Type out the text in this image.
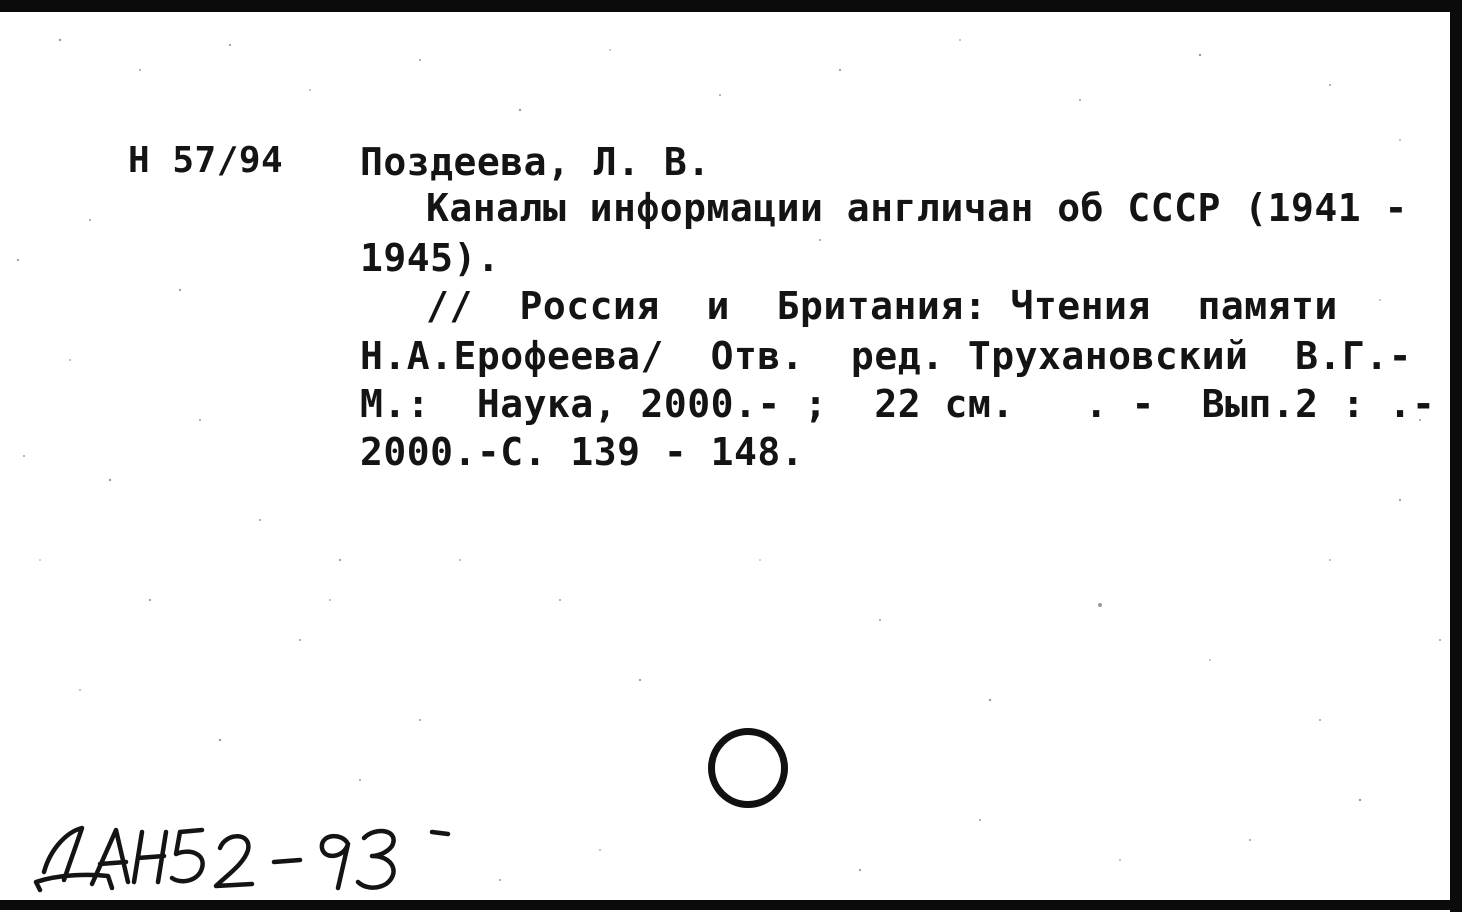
Н 57/94 Поздеева, Л. В.
Каналы информации англичан об СССР (1941 -
1945).
//  Россия  и  Британия: Чтения  памяти
Н.А.Ерофеева/  Отв.  ред. Трухановский  В.Г.-
М.:  Наука, 2000.- ;  22 см.   . -  Вып.2 : .-
2000.-С. 139 - 148.
